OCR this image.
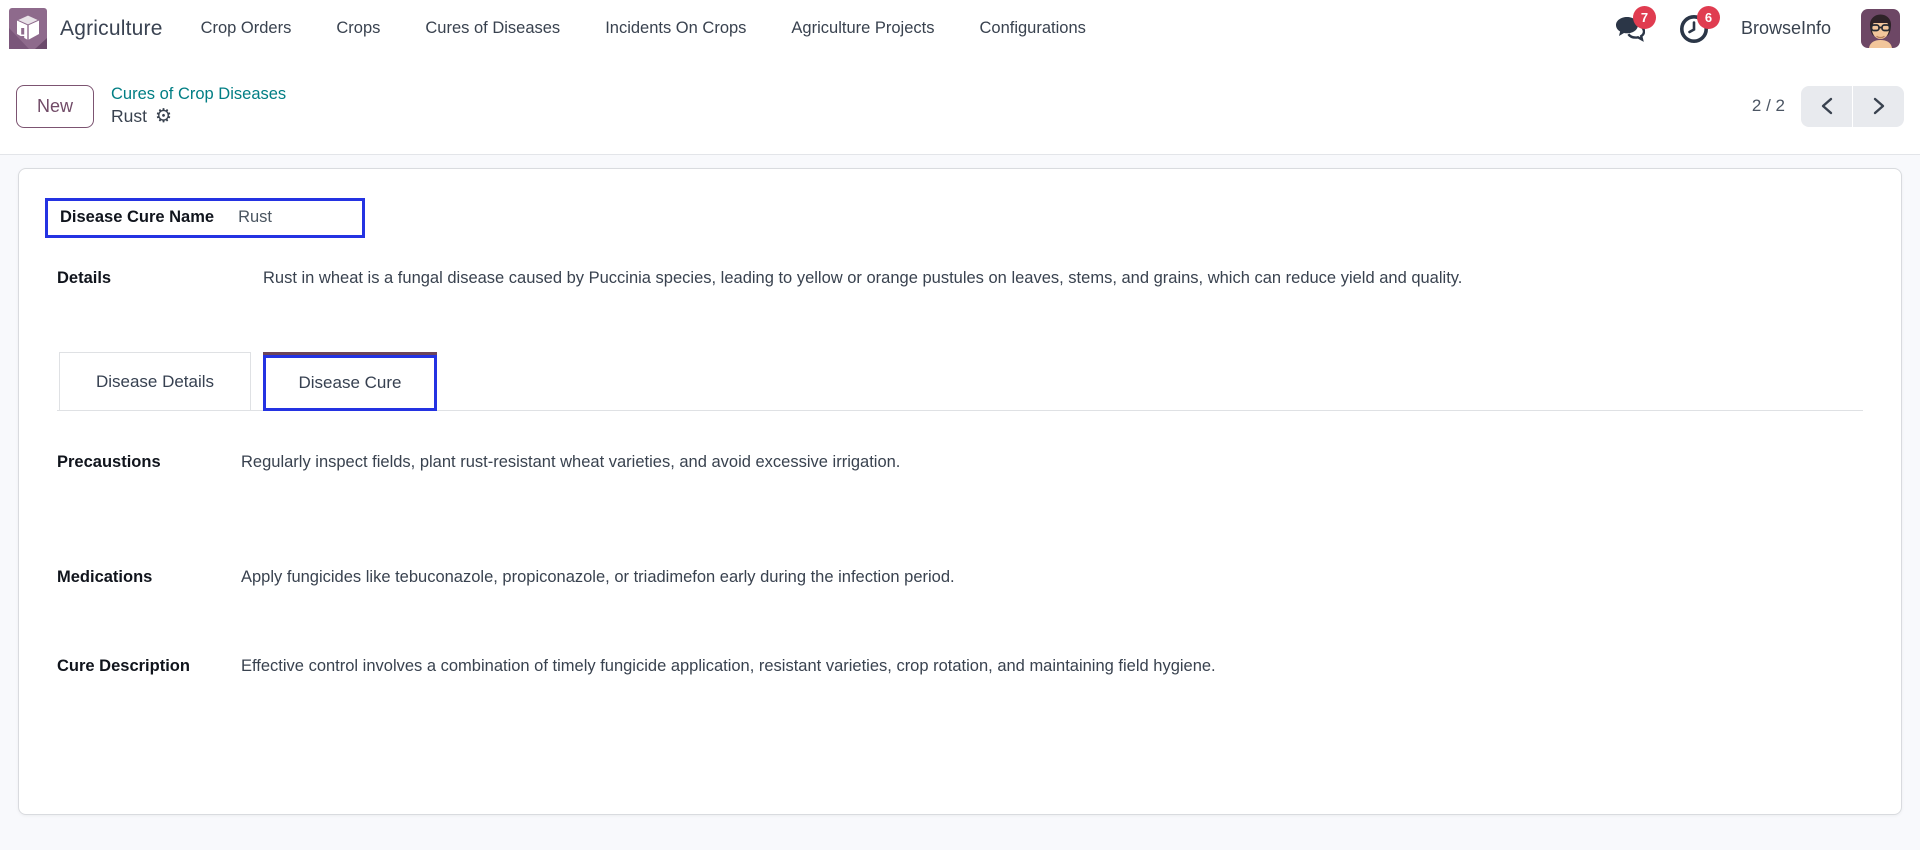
Agriculture Crop Orders	Crops	Cures of Diseases	Incidents On Crops	Agriculture Projects	Configurations
7	6
BrowseInfo
New
Cures of Crop Diseases
Rust ⚙
2 / 2
Disease Cure Name Rust
Details	Rust in wheat is a fungal disease caused by Puccinia species, leading to yellow or orange pustules on leaves, stems, and grains, which can reduce yield and quality.
Disease Details	Disease Cure
Precaustions	Regularly inspect fields, plant rust-resistant wheat varieties, and avoid excessive irrigation.
Medications	Apply fungicides like tebuconazole, propiconazole, or triadimefon early during the infection period.
Cure Description	Effective control involves a combination of timely fungicide application, resistant varieties, crop rotation, and maintaining field hygiene.
